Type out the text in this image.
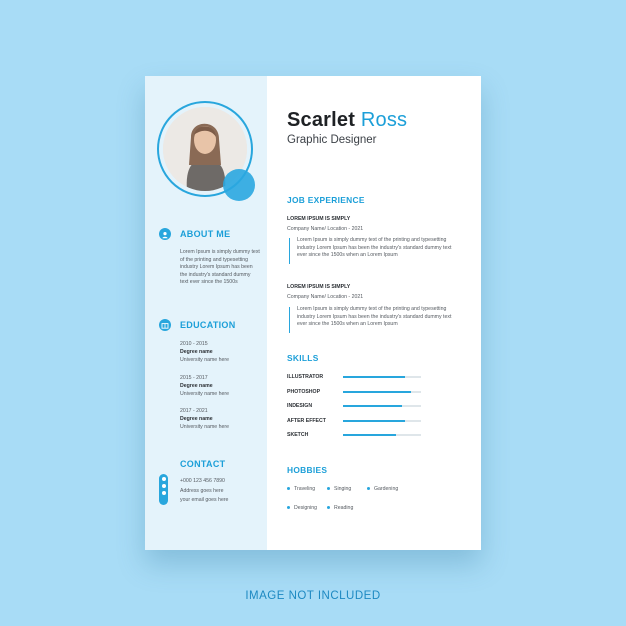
ABOUT ME
Lorem Ipsum is simply dummy text of the printing and typesetting industry Lorem Ipsum has been the industry's standard dummy text ever since the 1500s
EDUCATION
2010 - 2015
Degree name
University name here
2015 - 2017
Degree name
University name here
2017 - 2021
Degree name
University name here
CONTACT
+000 123 456 7890
Address goes here
your email goes here
Scarlet Ross
Graphic Designer
JOB EXPERIENCE
LOREM IPSUM IS SIMPLY
Company Name/ Location - 2021
Lorem Ipsum is simply dummy text of the printing and typesetting industry Lorem Ipsum has been the industry's standard dummy text ever since the 1500s when an Lorem Ipsum
LOREM IPSUM IS SIMPLY
Company Name/ Location - 2021
Lorem Ipsum is simply dummy text of the printing and typesetting industry Lorem Ipsum has been the industry's standard dummy text ever since the 1500s when an Lorem Ipsum
SKILLS
HOBBIES
Traveling	Singing	Gardening
Designing	Reading
ILLUSTRATOR
PHOTOSHOP
INDESIGN
AFTER EFFECT
SKETCH
IMAGE NOT INCLUDED
